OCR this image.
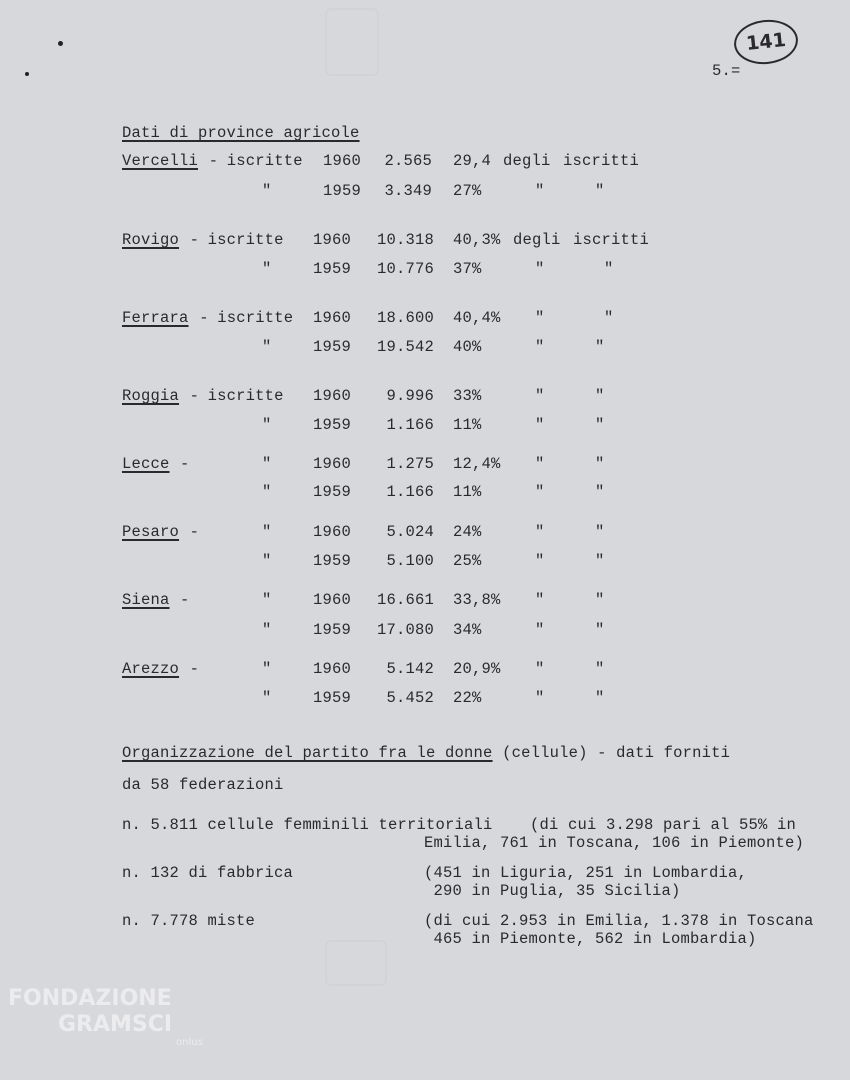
141
5.=
Dati di province agricole
Vercelli - iscritte 1960 2.565 29,4 degli iscritti
"	1959 3.349 27%	"	"
Rovigo - iscritte 1960 10.318 40,3% degli iscritti
"	1959 10.776 37%	"	"
Ferrara - iscritte 1960 18.600 40,4% "	"
"	1959 19.542 40%	"	"
Roggia - iscritte 1960 9.996 33%	"	"
"	1959 1.166 11%	"	"
Lecce -	"	1960 1.275 12,4% "	"
"	1959 1.166 11%	"	"
Pesaro -	"	1960 5.024 24%	"	"
"	1959 5.100 25%	"	"
Siena -	"	1960 16.661 33,8% "	"
"	1959 17.080 34%	"	"
Arezzo -	"	1960 5.142 20,9% "	"
"	1959 5.452 22%	"	"
Organizzazione del partito fra le donne (cellule) - dati forniti
da 58 federazioni
n. 5.811 cellule femminili territoriali (di cui 3.298 pari al 55% in
Emilia, 761 in Toscana, 106 in Piemonte)
n. 132 di fabbrica	(451 in Liguria, 251 in Lombardia,
290 in Puglia, 35 Sicilia)
n. 7.778 miste	(di cui 2.953 in Emilia, 1.378 in Toscana
465 in Piemonte, 562 in Lombardia)
FONDAZIONE
GRAMSCI
onlus
